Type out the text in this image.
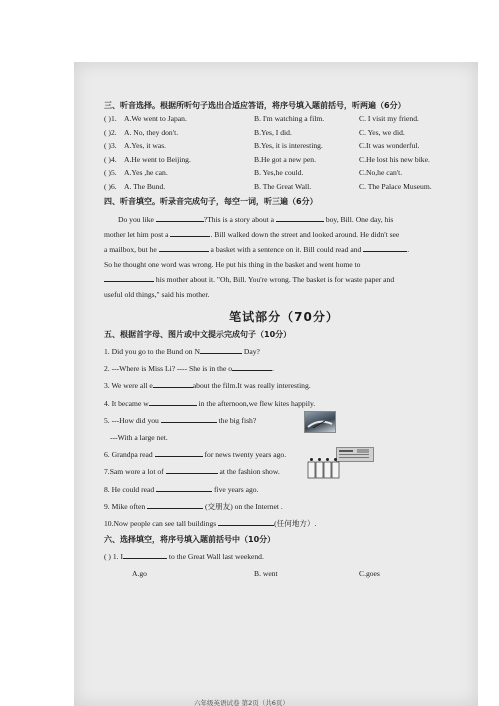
三、听音选择。根据所听句子选出合适应答语，将序号填入题前括号，听两遍（6分）

( )1. A.We went to Japan.	B. I'm watching a film.	C. I visit my friend.
( )2. A. No, they don't.	B.Yes, I did.	C. Yes, we did.
( )3. A.Yes, it was.	B.Yes, it is interesting.	C.It was wonderful.
( )4. A.He went to Beijing.	B.He got a new pen.	C.He lost his new bike.
( )5. A.Yes ,he can.	B. Yes,he could.	C.No,he can't.
( )6. A. The Bund.	B. The Great Wall.	C. The Palace Museum.

四、听音填空。听录音完成句子，每空一词，听三遍（6分）

Do you like	?This is a story about a	boy, Bill. One day, his

mother let him post a	. Bill walked down the street and looked around. He didn't see

a mailbox, but he	a basket with a sentence on it. Bill could read and	.

So he thought one word was wrong. He put his thing in the basket and went home to

his mother about it. "Oh, Bill. You're wrong. The basket is for waste paper and

useful old things," said his mother.

笔试部分（70分）

五、根据首字母、图片或中文提示完成句子（10分）

1. Did you go to the Bund on N	Day?
2. ---Where is Miss Li? ---- She is in the o	.
3. We were all e	about the film.It was really interesting.
4. It became w	in the afternoon,we flew kites happily.
5. ---How did you	the big fish?
---With a large net.
6. Grandpa read	for news twenty years ago.
7.Sam wore a lot of	at the fashion show.
8. He could read	five years ago.
9. Mike often	(交朋友) on the Internet .
10.Now people can see tall buildings	(任何地方）.

六、选择填空，将序号填入题前括号中（10分）

( ) 1. I	to the Great Wall last weekend.
A.go	B. went	C.goes
六年级英语试卷 第2页（共6页）
